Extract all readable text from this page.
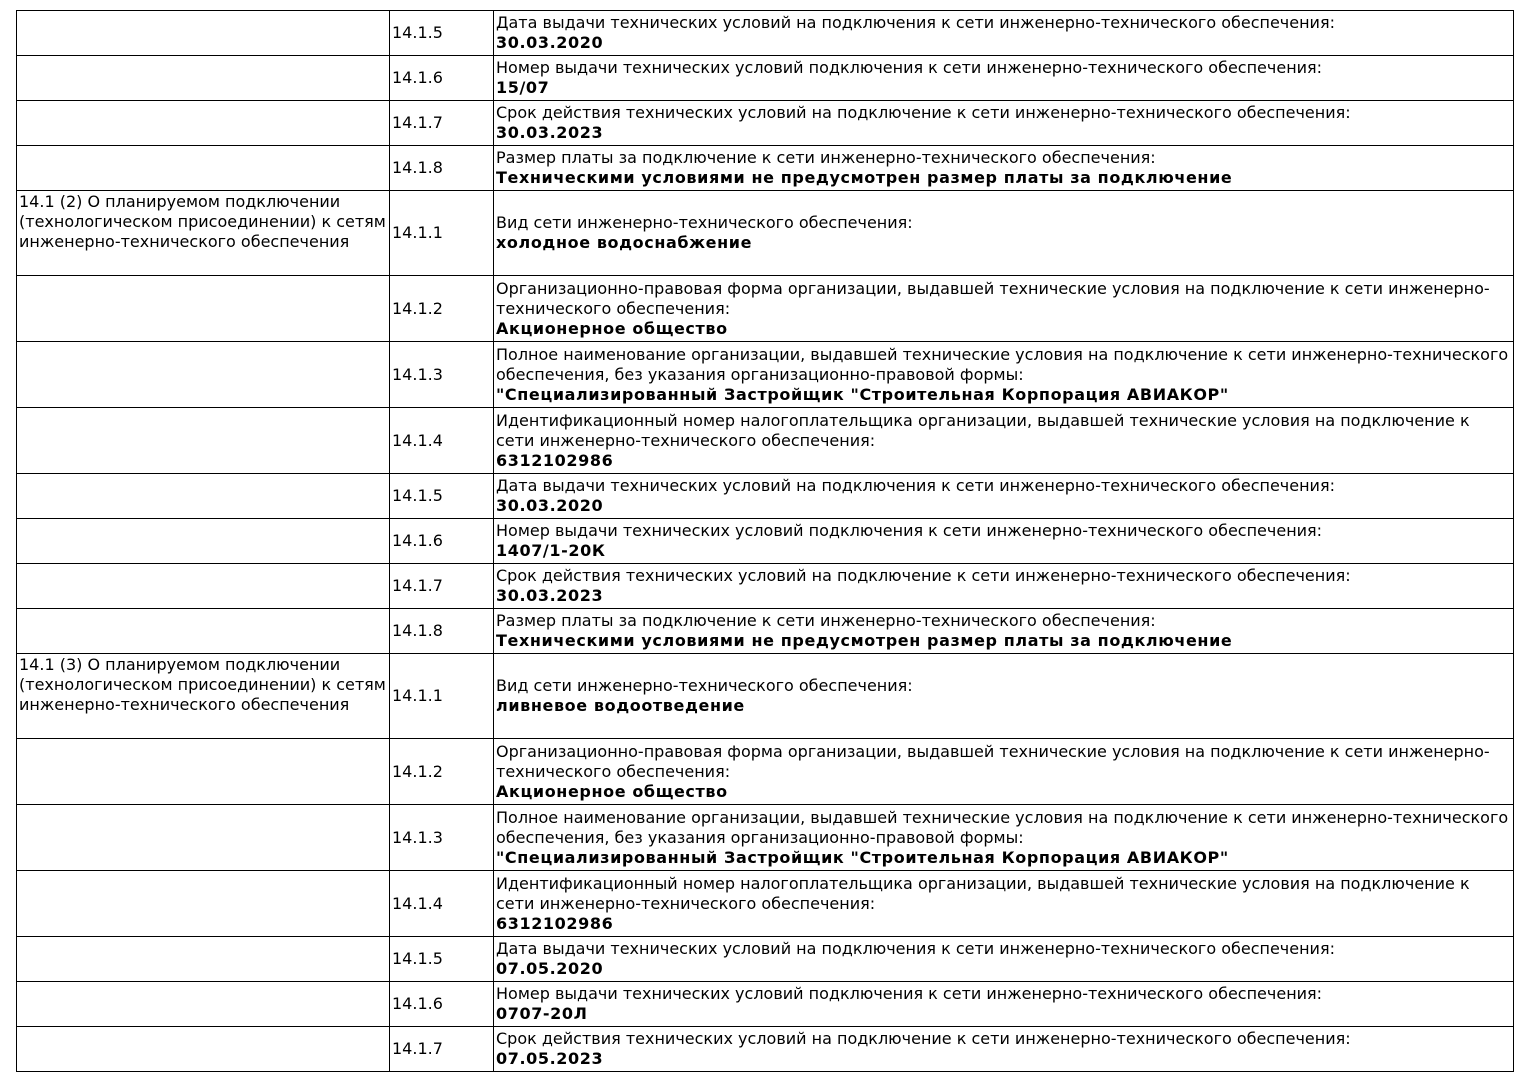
	14.1.5	Дата выдачи технических условий на подключения к сети инженерно-технического обеспечения:
30.03.2020

	14.1.6	Номер выдачи технических условий подключения к сети инженерно-технического обеспечения:
15/07

	14.1.7	Срок действия технических условий на подключение к сети инженерно-технического обеспечения:
30.03.2023

	14.1.8	Размер платы за подключение к сети инженерно-технического обеспечения:
Техническими условиями не предусмотрен размер платы за подключение

14.1 (2) О планируемом подключении (технологическом присоединении) к сетям инженерно-технического обеспечения	14.1.1	Вид сети инженерно-технического обеспечения:
холодное водоснабжение

	14.1.2	Организационно-правовая форма организации, выдавшей технические условия на подключение к сети инженерно-технического обеспечения:
Акционерное общество

	14.1.3	Полное наименование организации, выдавшей технические условия на подключение к сети инженерно-технического обеспечения, без указания организационно-правовой формы:
"Специализированный Застройщик "Строительная Корпорация АВИАКОР"

	14.1.4	Идентификационный номер налогоплательщика организации, выдавшей технические условия на подключение к сети инженерно-технического обеспечения:
6312102986

	14.1.5	Дата выдачи технических условий на подключения к сети инженерно-технического обеспечения:
30.03.2020

	14.1.6	Номер выдачи технических условий подключения к сети инженерно-технического обеспечения:
1407/1-20К

	14.1.7	Срок действия технических условий на подключение к сети инженерно-технического обеспечения:
30.03.2023

	14.1.8	Размер платы за подключение к сети инженерно-технического обеспечения:
Техническими условиями не предусмотрен размер платы за подключение

14.1 (3) О планируемом подключении (технологическом присоединении) к сетям инженерно-технического обеспечения	14.1.1	Вид сети инженерно-технического обеспечения:
ливневое водоотведение

	14.1.2	Организационно-правовая форма организации, выдавшей технические условия на подключение к сети инженерно-технического обеспечения:
Акционерное общество

	14.1.3	Полное наименование организации, выдавшей технические условия на подключение к сети инженерно-технического обеспечения, без указания организационно-правовой формы:
"Специализированный Застройщик "Строительная Корпорация АВИАКОР"

	14.1.4	Идентификационный номер налогоплательщика организации, выдавшей технические условия на подключение к сети инженерно-технического обеспечения:
6312102986

	14.1.5	Дата выдачи технических условий на подключения к сети инженерно-технического обеспечения:
07.05.2020

	14.1.6	Номер выдачи технических условий подключения к сети инженерно-технического обеспечения:
0707-20Л

	14.1.7	Срок действия технических условий на подключение к сети инженерно-технического обеспечения:
07.05.2023
